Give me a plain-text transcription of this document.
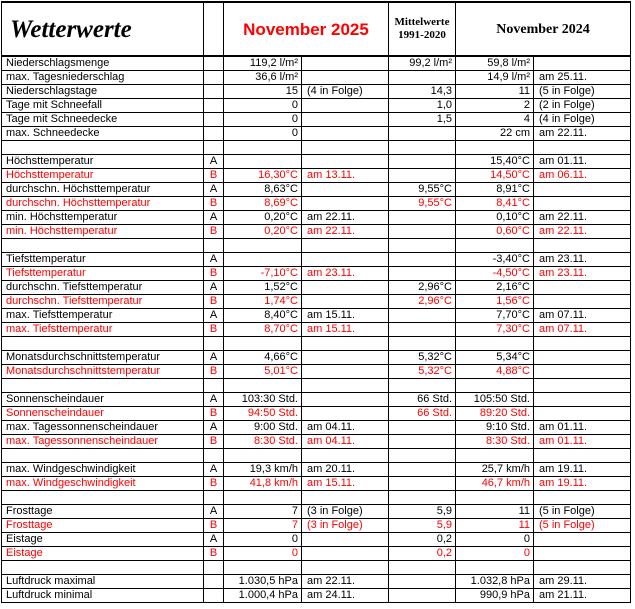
Wetterwerte		November 2025		Mittelwerte
1991-2020	November 2024	
Niederschlagsmenge		119,2 l/m²		99,2 l/m²	59,8 l/m²	
max. Tagesniederschlag		36,6 l/m²			14,9 l/m²	am 25.11.
Niederschlagstage		15	(4 in Folge)	14,3	11	(5 in Folge)
Tage mit Schneefall		0		1,0	2	(2 in Folge)
Tage mit Schneedecke		0		1,5	4	(4 in Folge)
max. Schneedecke		0			22 cm	am 22.11.

Höchsttemperatur	A				15,40°C	am 01.11.
Höchsttemperatur	B	16,30°C	am 13.11.		14,50°C	am 06.11.
durchschn. Höchsttemperatur	A	8,63°C		9,55°C	8,91°C	
durchschn. Höchsttemperatur	B	8,69°C		9,55°C	8,41°C	
min. Höchsttemperatur	A	0,20°C	am 22.11.		0,10°C	am 22.11.
min. Höchsttemperatur	B	0,20°C	am 22.11.		0,60°C	am 22.11.

Tiefsttemperatur	A				-3,40°C	am 23.11.
Tiefsttemperatur	B	-7,10°C	am 23.11.		-4,50°C	am 23.11.
durchschn. Tiefsttemperatur	A	1,52°C		2,96°C	2,16°C	
durchschn. Tiefsttemperatur	B	1,74°C		2,96°C	1,56°C	
max. Tiefsttemperatur	A	8,40°C	am 15.11.		7,70°C	am 07.11.
max. Tiefsttemperatur	B	8,70°C	am 15.11.		7,30°C	am 07.11.

Monatsdurchschnittstemperatur	A	4,66°C		5,32°C	5,34°C	
Monatsdurchschnittstemperatur	B	5,01°C		5,32°C	4,88°C	

Sonnenscheindauer	A	103:30 Std.		66 Std.	105:50 Std.	
Sonnenscheindauer	B	94:50 Std.		66 Std.	89:20 Std.	
max. Tagessonnenscheindauer	A	9:00 Std.	am 04.11.		9:10 Std.	am 01.11.
max. Tagessonnenscheindauer	B	8:30 Std.	am 04.11.		8:30 Std.	am 01.11.

max. Windgeschwindigkeit	A	19,3 km/h	am 20.11.		25,7 km/h	am 19.11.
max. Windgeschwindigkeit	B	41,8 km/h	am 15.11.		46,7 km/h	am 19.11.

Frosttage	A	7	(3 in Folge)	5,9	11	(5 in Folge)
Frosttage	B	7	(3 in Folge)	5,9	11	(5 in Folge)
Eistage	A	0		0,2	0	
Eistage	B	0		0,2	0	

Luftdruck maximal		1.030,5 hPa	am 22.11.		1.032,8 hPa	am 29.11.
Luftdruck minimal		1.000,4 hPa	am 24.11.		990,9 hPa	am 21.11.
